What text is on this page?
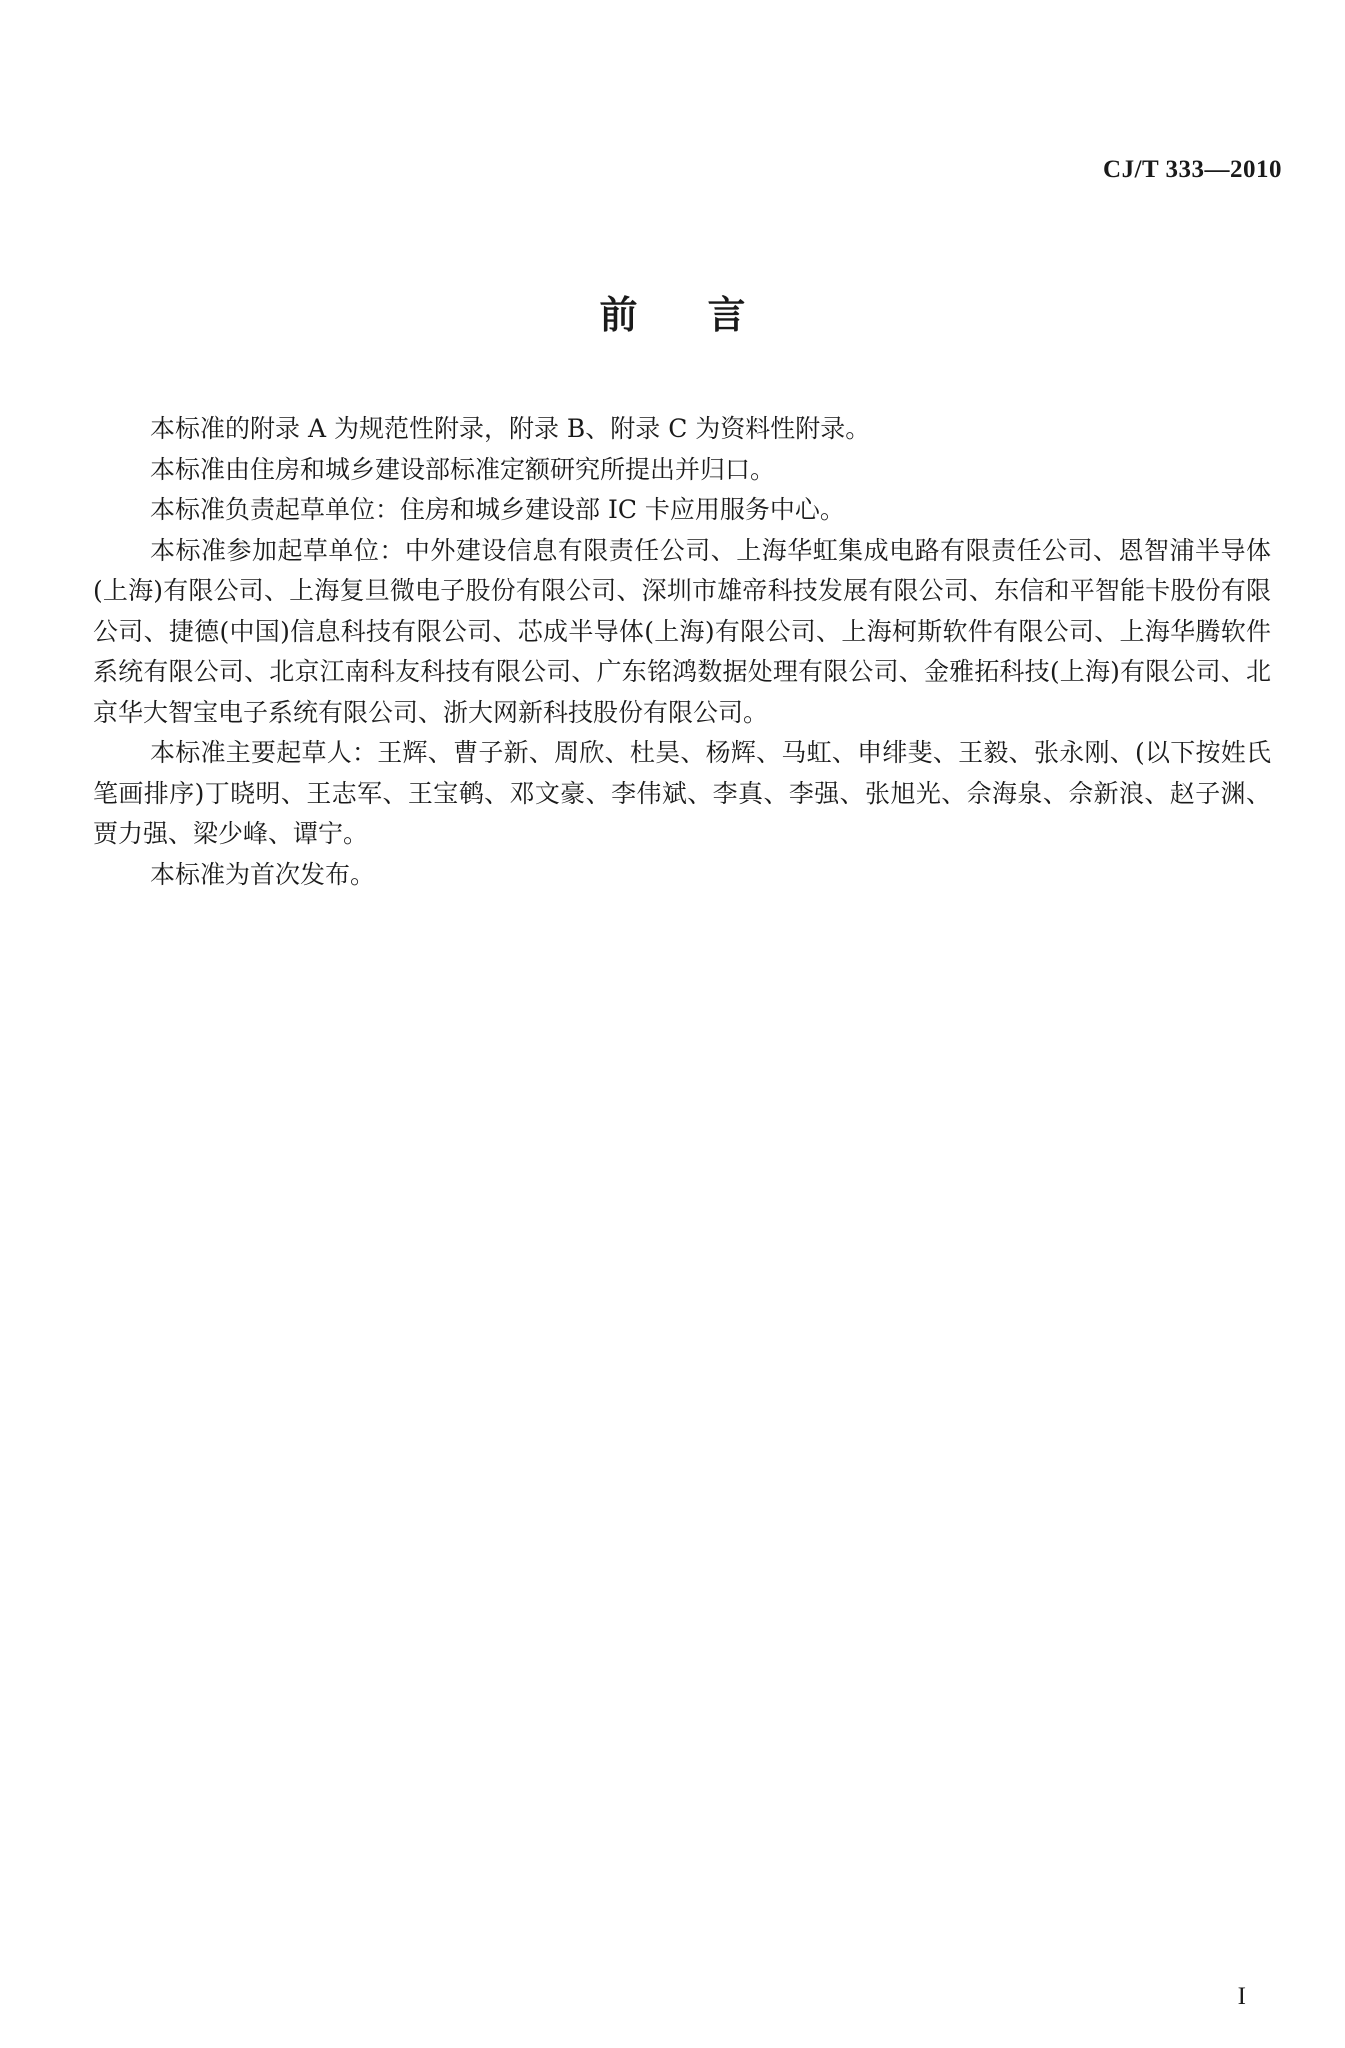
CJ/T 333—2010
前言

本标准的附录 A 为规范性附录，附录 B、附录 C 为资料性附录。

本标准由住房和城乡建设部标准定额研究所提出并归口。

本标准负责起草单位：住房和城乡建设部 IC 卡应用服务中心。

本标准参加起草单位：中外建设信息有限责任公司、上海华虹集成电路有限责任公司、恩智浦半导体(上海)有限公司、上海复旦微电子股份有限公司、深圳市雄帝科技发展有限公司、东信和平智能卡股份有限公司、捷德(中国)信息科技有限公司、芯成半导体(上海)有限公司、上海柯斯软件有限公司、上海华腾软件系统有限公司、北京江南科友科技有限公司、广东铭鸿数据处理有限公司、金雅拓科技(上海)有限公司、北京华大智宝电子系统有限公司、浙大网新科技股份有限公司。

本标准主要起草人：王辉、曹子新、周欣、杜昊、杨辉、马虹、申绯斐、王毅、张永刚、(以下按姓氏笔画排序)丁晓明、王志军、王宝鹌、邓文豪、李伟斌、李真、李强、张旭光、佘海泉、佘新浪、赵子渊、贾力强、梁少峰、谭宁。

本标准为首次发布。

I
